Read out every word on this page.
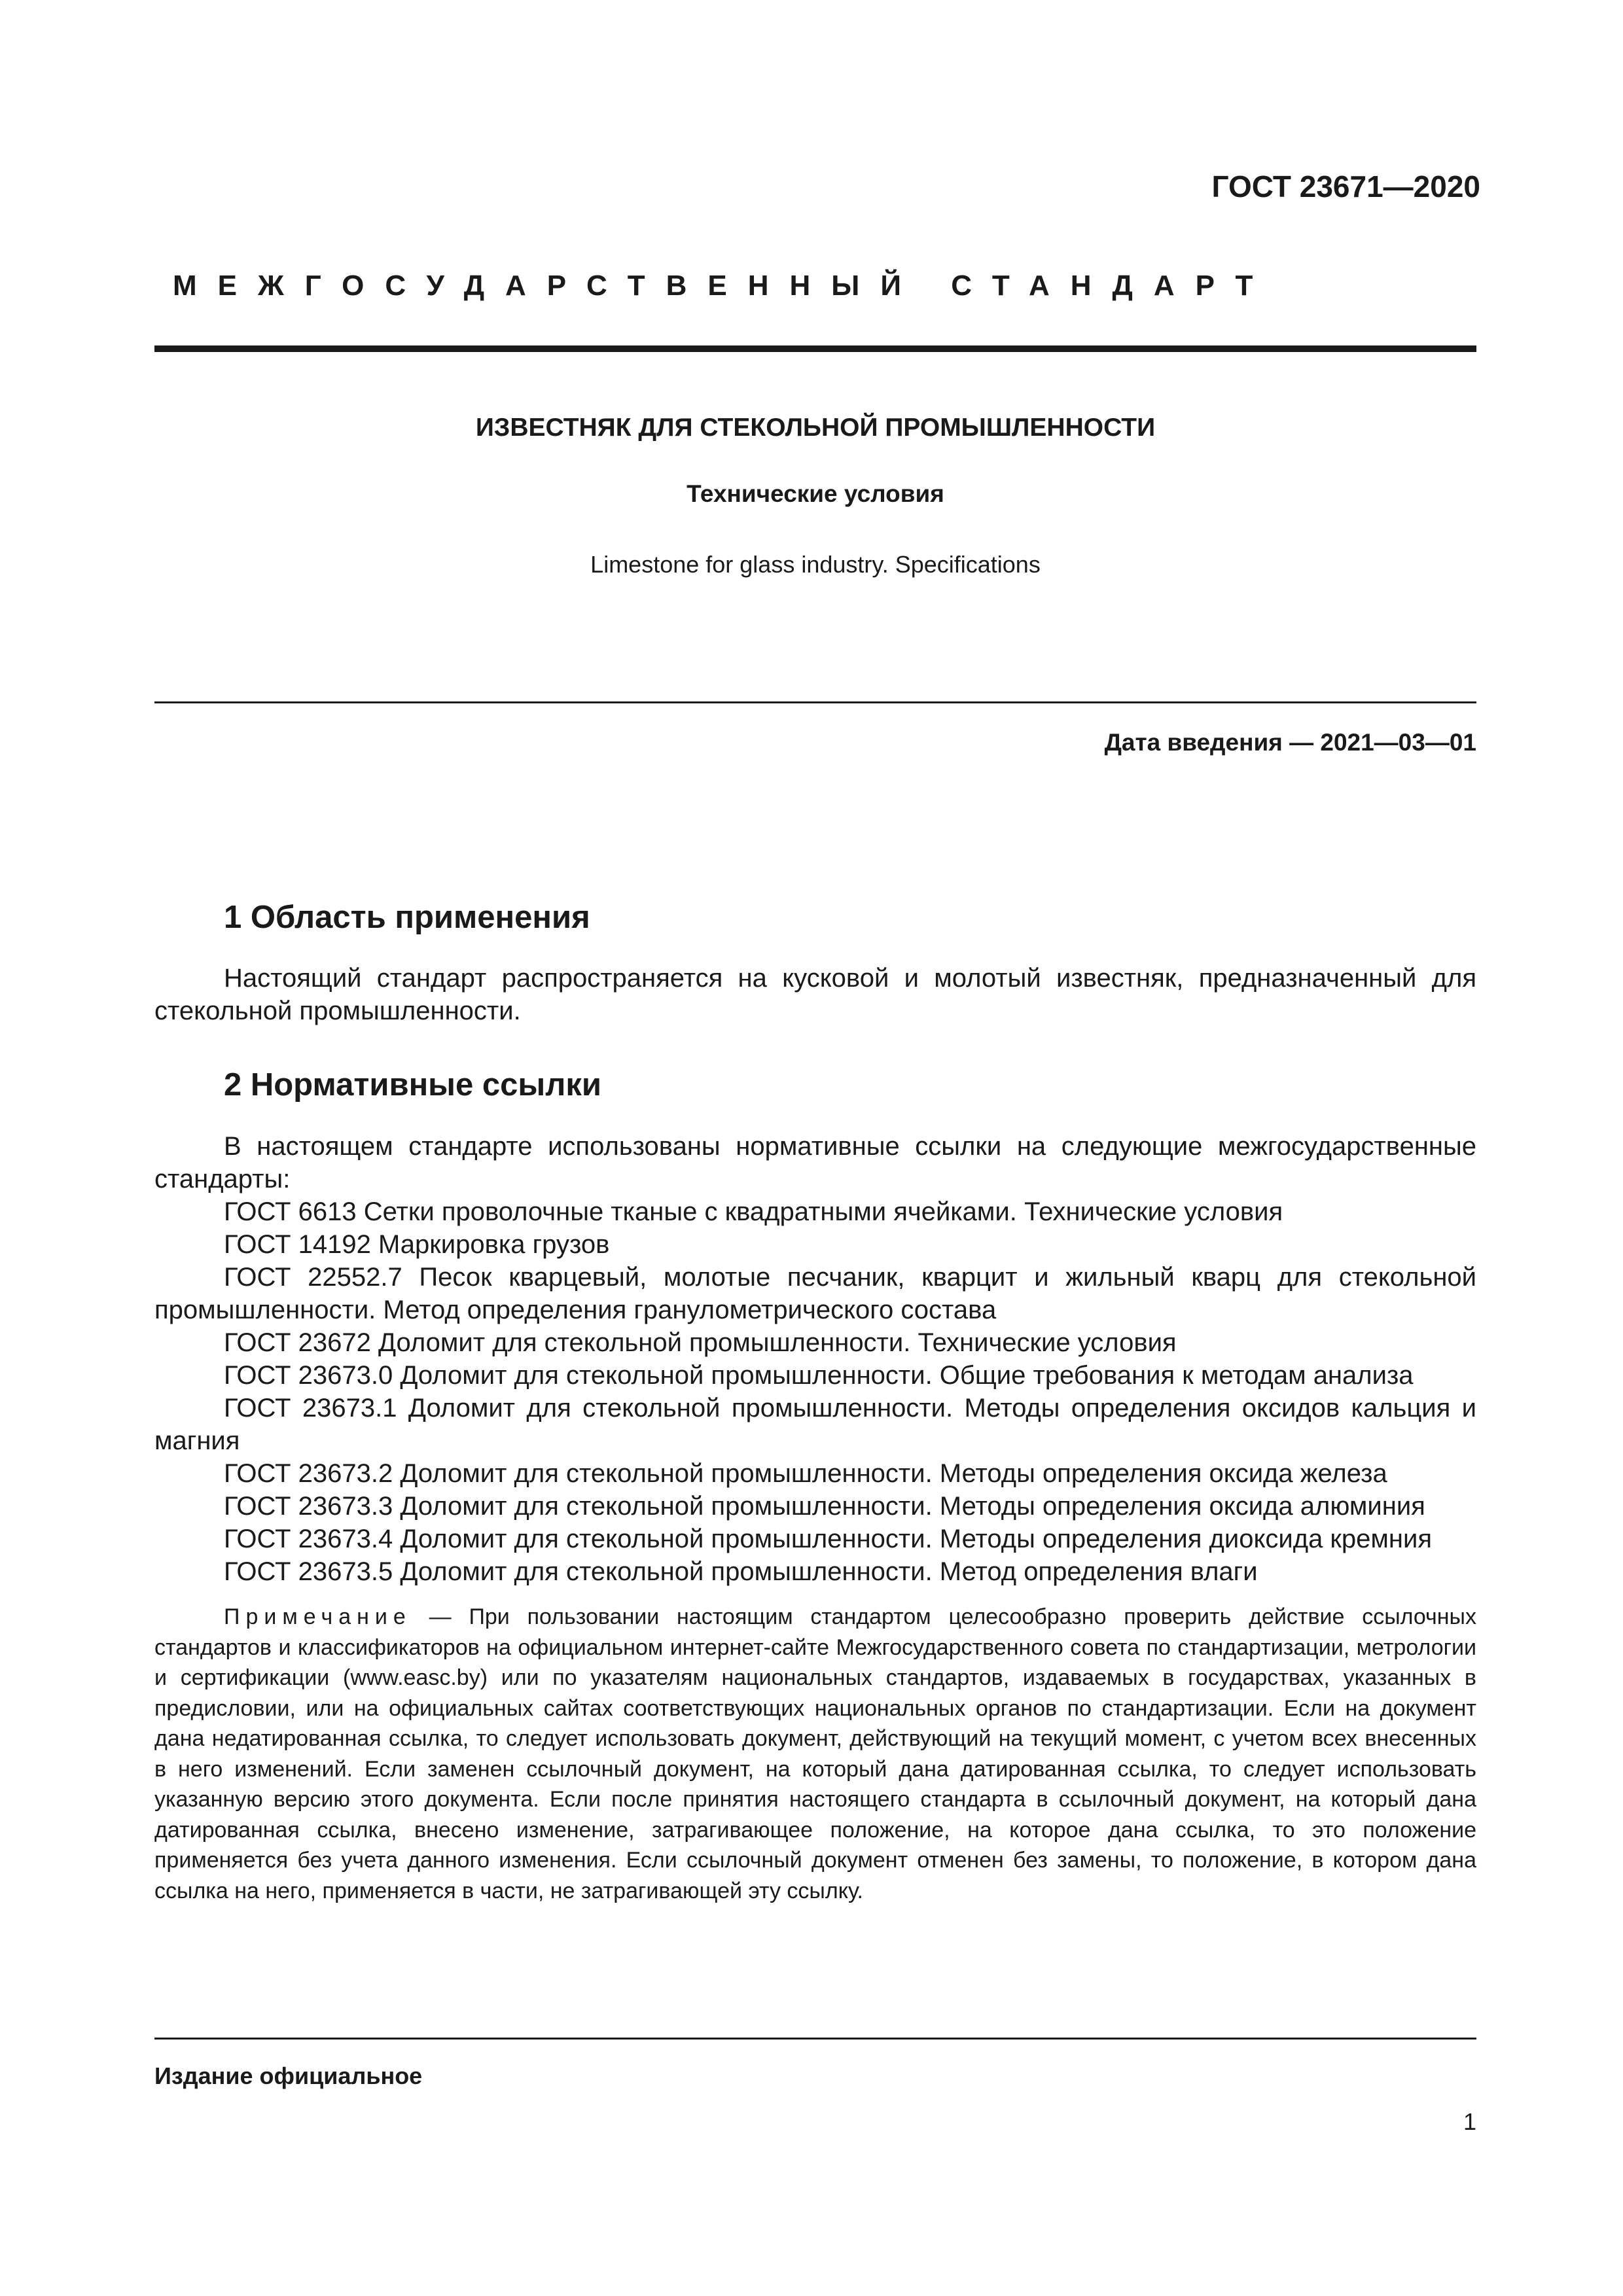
ГОСТ 23671—2020
МЕЖГОСУДАРСТВЕННЫЙ СТАНДАРТ
ИЗВЕСТНЯК ДЛЯ СТЕКОЛЬНОЙ ПРОМЫШЛЕННОСТИ
Технические условия
Limestone for glass industry. Specifications
Дата введения — 2021—03—01
1 Область применения

Настоящий стандарт распространяется на кусковой и молотый известняк, предназначенный для стекольной промышленности.

2 Нормативные ссылки

В настоящем стандарте использованы нормативные ссылки на следующие межгосударственные стандарты:

ГОСТ 6613 Сетки проволочные тканые с квадратными ячейками. Технические условия

ГОСТ 14192 Маркировка грузов

ГОСТ 22552.7 Песок кварцевый, молотые песчаник, кварцит и жильный кварц для стекольной промышленности. Метод определения гранулометрического состава

ГОСТ 23672 Доломит для стекольной промышленности. Технические условия

ГОСТ 23673.0 Доломит для стекольной промышленности. Общие требования к методам анализа

ГОСТ 23673.1 Доломит для стекольной промышленности. Методы определения оксидов кальция и магния

ГОСТ 23673.2 Доломит для стекольной промышленности. Методы определения оксида железа

ГОСТ 23673.3 Доломит для стекольной промышленности. Методы определения оксида алюминия

ГОСТ 23673.4 Доломит для стекольной промышленности. Методы определения диоксида кремния

ГОСТ 23673.5 Доломит для стекольной промышленности. Метод определения влаги

Примечание — При пользовании настоящим стандартом целесообразно проверить действие ссылочных стандартов и классификаторов на официальном интернет-сайте Межгосударственного совета по стандартизации, метрологии и сертификации (www.easc.by) или по указателям национальных стандартов, издаваемых в государствах, указанных в предисловии, или на официальных сайтах соответствующих национальных органов по стандартизации. Если на документ дана недатированная ссылка, то следует использовать документ, действующий на текущий момент, с учетом всех внесенных в него изменений. Если заменен ссылочный документ, на который дана датированная ссылка, то следует использовать указанную версию этого документа. Если после принятия настоящего стандарта в ссылочный документ, на который дана датированная ссылка, внесено изменение, затрагивающее положение, на которое дана ссылка, то это положение применяется без учета данного изменения. Если ссылочный документ отменен без замены, то положение, в котором дана ссылка на него, применяется в части, не затрагивающей эту ссылку.

Издание официальное
1
